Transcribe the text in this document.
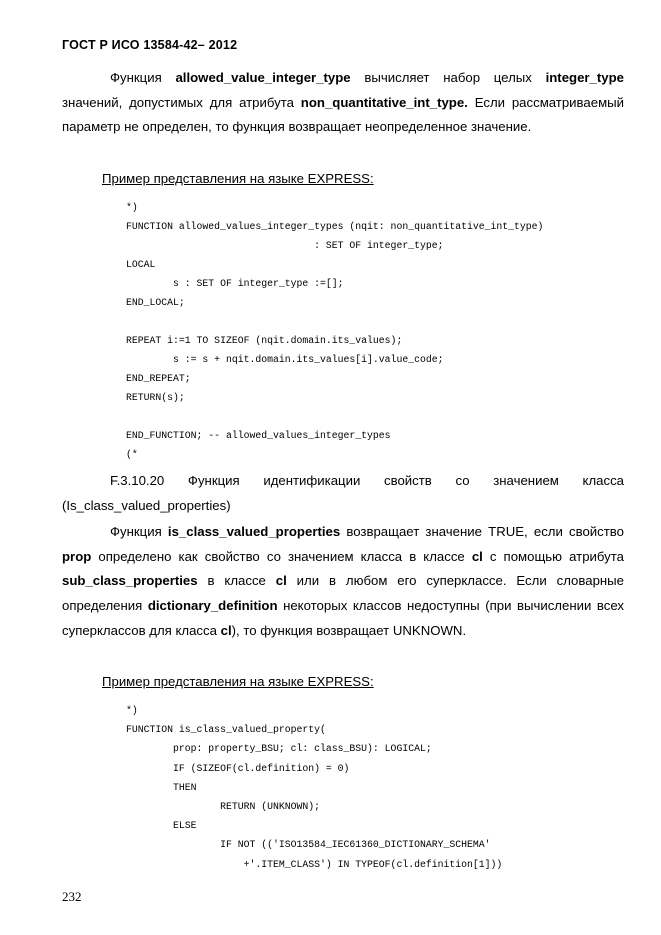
ГОСТ Р ИСО 13584-42– 2012
Функция allowed_value_integer_type вычисляет набор целых integer_type значений, допустимых для атрибута non_quantitative_int_type. Если рассматриваемый параметр не определен, то функция возвращает неопределенное значение.
Пример представления на языке EXPRESS:
*)
FUNCTION allowed_values_integer_types (nqit: non_quantitative_int_type)
: SET OF integer_type;
LOCAL
s : SET OF integer_type :=[];
END_LOCAL;

REPEAT i:=1 TO SIZEOF (nqit.domain.its_values);
s := s + nqit.domain.its_values[i].value_code;
END_REPEAT;
RETURN(s);

END_FUNCTION; -- allowed_values_integer_types
(*
F.3.10.20 Функция идентификации свойств со значением класса (Is_class_valued_properties)
Функция is_class_valued_properties возвращает значение TRUE, если свойство prop определено как свойство со значением класса в классе cl с помощью атрибута sub_class_properties в классе cl или в любом его суперклассе. Если словарные определения dictionary_definition некоторых классов недоступны (при вычислении всех суперклассов для класса cl), то функция возвращает UNKNOWN.
Пример представления на языке EXPRESS:
*)
FUNCTION is_class_valued_property(
prop: property_BSU; cl: class_BSU): LOGICAL;
IF (SIZEOF(cl.definition) = 0)
THEN
RETURN (UNKNOWN);
ELSE
IF NOT (('ISO13584_IEC61360_DICTIONARY_SCHEMA'
+'.ITEM_CLASS') IN TYPEOF(cl.definition[1]))
232
